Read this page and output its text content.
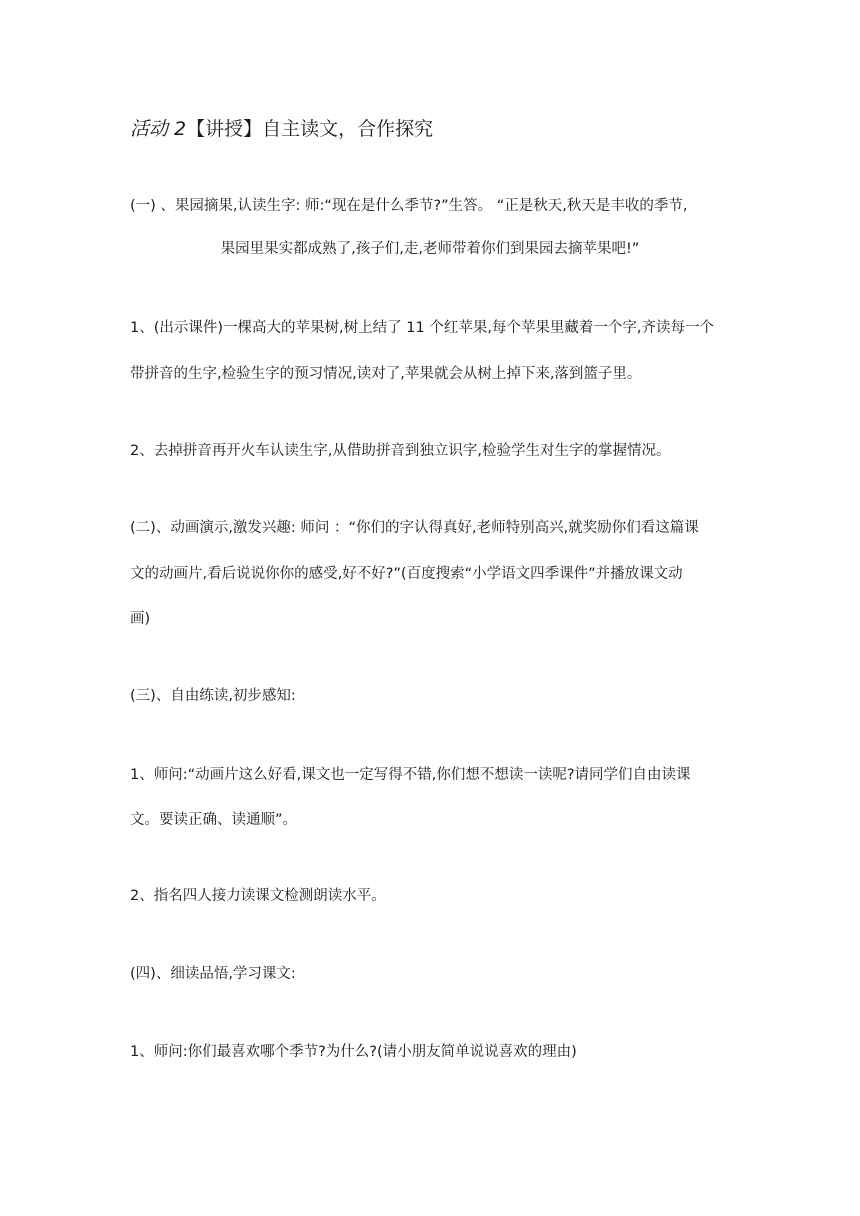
活动 2【讲授】自主读文，合作探究
(一) 、果园摘果,认读生字: 师:“现在是什么季节?”生答。 “正是秋天,秋天是丰收的季节,
果园里果实都成熟了,孩子们,走,老师带着你们到果园去摘苹果吧!”
1、(出示课件)一棵高大的苹果树,树上结了 11 个红苹果,每个苹果里藏着一个字,齐读每一个
带拼音的生字,检验生字的预习情况,读对了,苹果就会从树上掉下来,落到篮子里。
2、去掉拼音再开火车认读生字,从借助拼音到独立识字,检验学生对生字的掌握情况。
(二)、动画演示,激发兴趣: 师问 ：“你们的字认得真好,老师特别高兴,就奖励你们看这篇课
文的动画片,看后说说你你的感受,好不好?”(百度搜索“小学语文四季课件”并播放课文动
画)
(三)、自由练读,初步感知:
1、师问:“动画片这么好看,课文也一定写得不错,你们想不想读一读呢?请同学们自由读课
文。要读正确、读通顺”。
2、指名四人接力读课文检测朗读水平。
(四)、细读品悟,学习课文:
1、师问:你们最喜欢哪个季节?为什么?(请小朋友简单说说喜欢的理由)
